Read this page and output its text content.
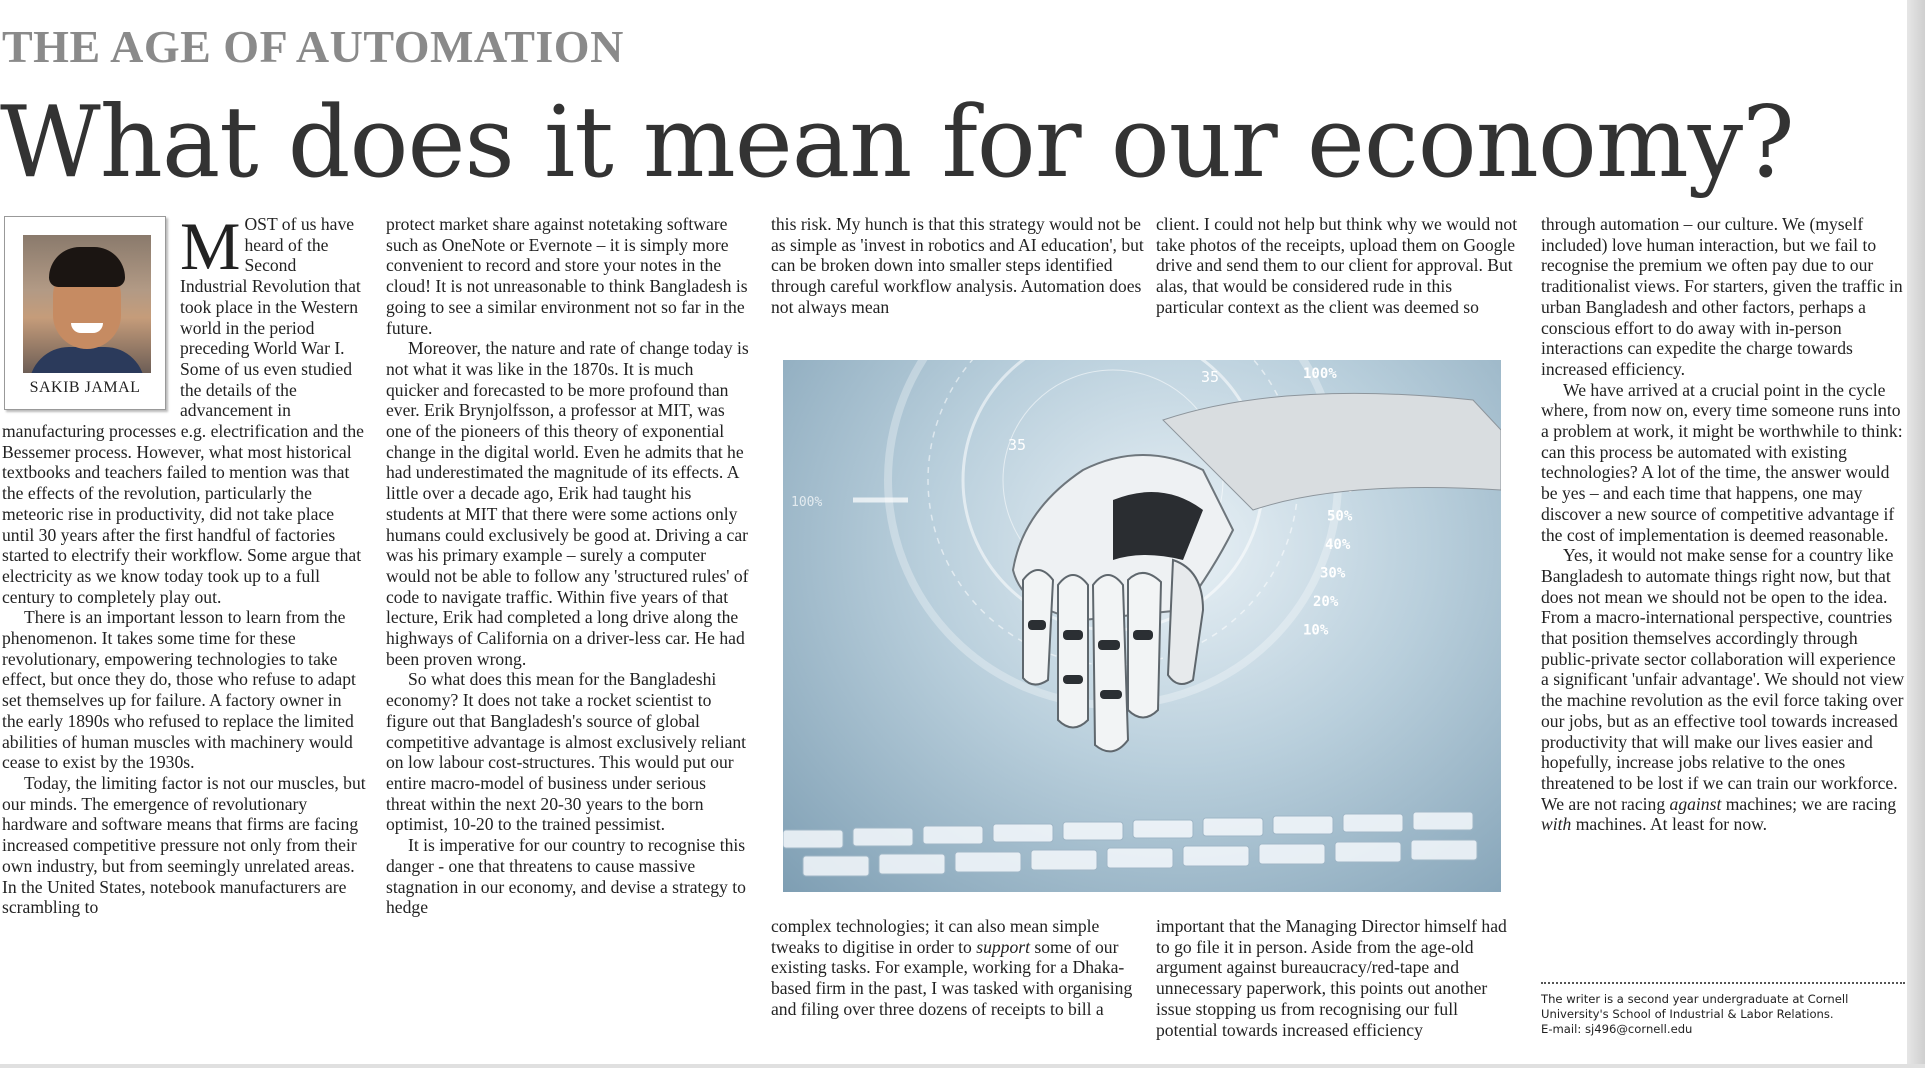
THE AGE OF AUTOMATION
What does it mean for our economy?
SAKIB JAMAL
M OST of us have heard of the Second Industrial Revolution that took place in the Western world in the period preceding World War I. Some of us even studied the details of the advancement in manufacturing processes e.g. electrification and the Bessemer process. However, what most historical textbooks and teachers failed to mention was that the effects of the revolution, particularly the meteoric rise in productivity, did not take place until 30 years after the first handful of factories started to electrify their workflow. Some argue that electricity as we know today took up to a full century to completely play out.

There is an important lesson to learn from the phenomenon. It takes some time for these revolutionary, empowering technologies to take effect, but once they do, those who refuse to adapt set themselves up for failure. A factory owner in the early 1890s who refused to replace the limited abilities of human muscles with machinery would cease to exist by the 1930s.

Today, the limiting factor is not our muscles, but our minds. The emergence of revolutionary hardware and software means that firms are facing increased competitive pressure not only from their own industry, but from seemingly unrelated areas. In the United States, notebook manufacturers are scrambling to

protect market share against notetaking software such as OneNote or Evernote – it is simply more convenient to record and store your notes in the cloud! It is not unreasonable to think Bangladesh is going to see a similar environment not so far in the future.

Moreover, the nature and rate of change today is not what it was like in the 1870s. It is much quicker and forecasted to be more profound than ever. Erik Brynjolfsson, a professor at MIT, was one of the pioneers of this theory of exponential change in the digital world. Even he admits that he had underestimated the magnitude of its effects. A little over a decade ago, Erik had taught his students at MIT that there were some actions only humans could exclusively be good at. Driving a car was his primary example – surely a computer would not be able to follow any 'structured rules' of code to navigate traffic. Within five years of that lecture, Erik had completed a long drive along the highways of California on a driver-less car. He had been proven wrong.

So what does this mean for the Bangladeshi economy? It does not take a rocket scientist to figure out that Bangladesh's source of global competitive advantage is almost exclusively reliant on low labour cost-structures. This would put our entire macro-model of business under serious threat within the next 20-30 years to the born optimist, 10-20 to the trained pessimist.

It is imperative for our country to recognise this danger - one that threatens to cause massive stagnation in our economy, and devise a strategy to hedge

this risk. My hunch is that this strategy would not be as simple as 'invest in robotics and AI education', but can be broken down into smaller steps identified through careful workflow analysis. Automation does not always mean

client. I could not help but think why we would not take photos of the receipts, upload them on Google drive and send them to our client for approval. But alas, that would be considered rude in this particular context as the client was deemed so

100%
35
35	100%
50%
40%
30%
20%
10%

complex technologies; it can also mean simple tweaks to digitise in order to support some of our existing tasks. For example, working for a Dhaka-based firm in the past, I was tasked with organising and filing over three dozens of receipts to bill a

important that the Managing Director himself had to go file it in person. Aside from the age-old argument against bureaucracy/red-tape and unnecessary paperwork, this points out another issue stopping us from recognising our full potential towards increased efficiency

through automation – our culture. We (myself included) love human interaction, but we fail to recognise the premium we often pay due to our traditionalist views. For starters, given the traffic in urban Bangladesh and other factors, perhaps a conscious effort to do away with in-person interactions can expedite the charge towards increased efficiency.

We have arrived at a crucial point in the cycle where, from now on, every time someone runs into a problem at work, it might be worthwhile to think: can this process be automated with existing technologies? A lot of the time, the answer would be yes – and each time that happens, one may discover a new source of competitive advantage if the cost of implementation is deemed reasonable.

Yes, it would not make sense for a country like Bangladesh to automate things right now, but that does not mean we should not be open to the idea. From a macro-international perspective, countries that position themselves accordingly through public-private sector collaboration will experience a significant 'unfair advantage'. We should not view the machine revolution as the evil force taking over our jobs, but as an effective tool towards increased productivity that will make our lives easier and hopefully, increase jobs relative to the ones threatened to be lost if we can train our workforce. We are not racing against machines; we are racing with machines. At least for now.

The writer is a second year undergraduate at Cornell
University's School of Industrial & Labor Relations.
E-mail: sj496@cornell.edu
